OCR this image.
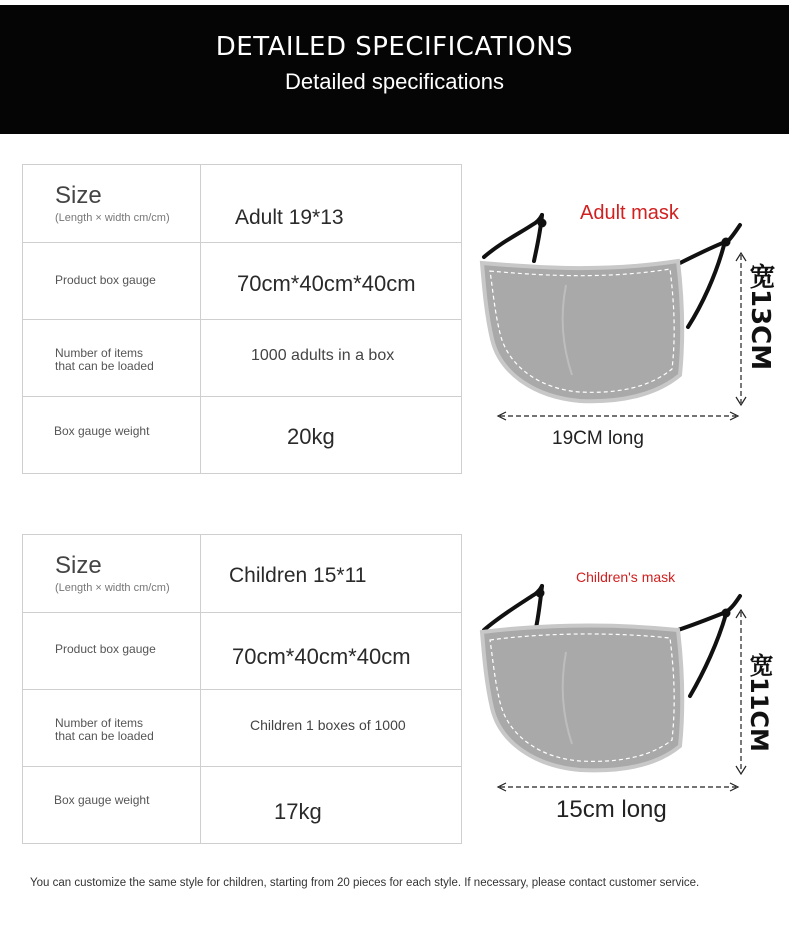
DETAILED SPECIFICATIONS
Detailed specifications
Size
(Length × width cm/cm)	Adult 19*13
Product box gauge	70cm*40cm*40cm
Number of items
that can be loaded
1000 adults in a box
Box gauge weight	20kg
Adult mask
19CM long
宽13CM
Size
(Length × width cm/cm)
Children 15*11
Product box gauge	70cm*40cm*40cm
Number of items
that can be loaded
Children 1 boxes of 1000
Box gauge weight	17kg
Children's mask
15cm long
宽11CM
You can customize the same style for children, starting from 20 pieces for each style. If necessary, please contact customer service.
